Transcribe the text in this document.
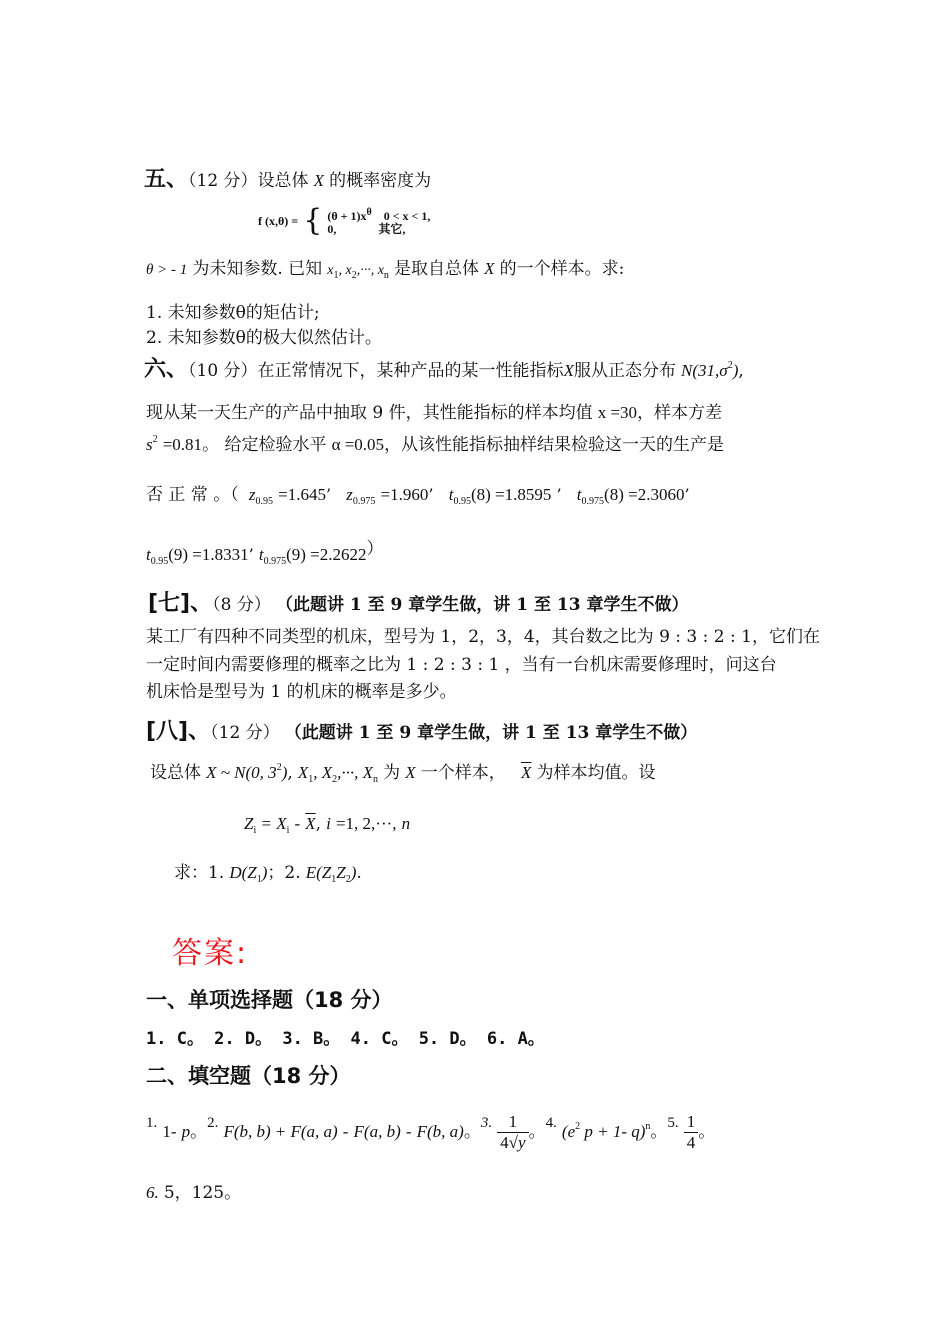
五、（12 分）设总体 X 的概率密度为
f (x,θ) = { $(\theta + 1)x^\theta$ 0 < x < 1,
0,	其它,
θ > - 1 为未知参数. 已知 $x_1$, $x_2,\cdot\cdot\cdot$, $x_n$ 是取自总体 X 的一个样本。求:
1. 未知参数θ的矩估计;
2. 未知参数θ的极大似然估计。
六、（10 分）在正常情况下，某种产品的某一性能指标X服从正态分布 $N(31,\sigma^2)$,
现从某一天生产的产品中抽取 9 件，其性能指标的样本均值 x =30，样本方差
$s^2 =0.81$。 给定检验水平 α =0.05，从该性能指标抽样结果检验这一天的生产是
否 正 常 。（ $z_{0.95} =1.645$’   $z_{0.975} =1.960$’   $t_{0.95}(8) =1.8595$ ’   $t_{0.975}(8) =2.3060$’
$t_{0.95}(9) =1.8331$’ $t_{0.975}(9) =2.2622$）
[七]、（8 分） （此题讲 1 至 9 章学生做，讲 1 至 13 章学生不做）
某工厂有四种不同类型的机床，型号为 1，2，3，4，其台数之比为 9 : 3 : 2 : 1，它们在
一定时间内需要修理的概率之比为 1 : 2 : 3 : 1 ，当有一台机床需要修理时，问这台
机床恰是型号为 1 的机床的概率是多少。
[八]、（12 分） （此题讲 1 至 9 章学生做，讲 1 至 13 章学生不做）
设总体 X ~ N(0, $3^2$), $X_1$, $X_2,\cdot\cdot\cdot$, $X_n$ 为 X 一个样本， $\overline{X}$ 为样本均值。设
$Z_i = X_i - \overline{X}$, i =1, 2,···, n
求：1. $D(Z_1)$；2. $E(Z_1Z_2)$.
答案:
一、单项选择题（18 分）
1. C。 2. D。 3. B。 4. C。 5. D。 6. A。
二、填空题（18 分）
1. 1- p。2. F(b, b) + F(a, a) - F(a, b) - F(b, a)。3. $\frac{1}{4√y}$ 。4. ($e^2$ p + 1- q)$^n$。5. $\frac{1}{4}$ 。
6. 5，125。
